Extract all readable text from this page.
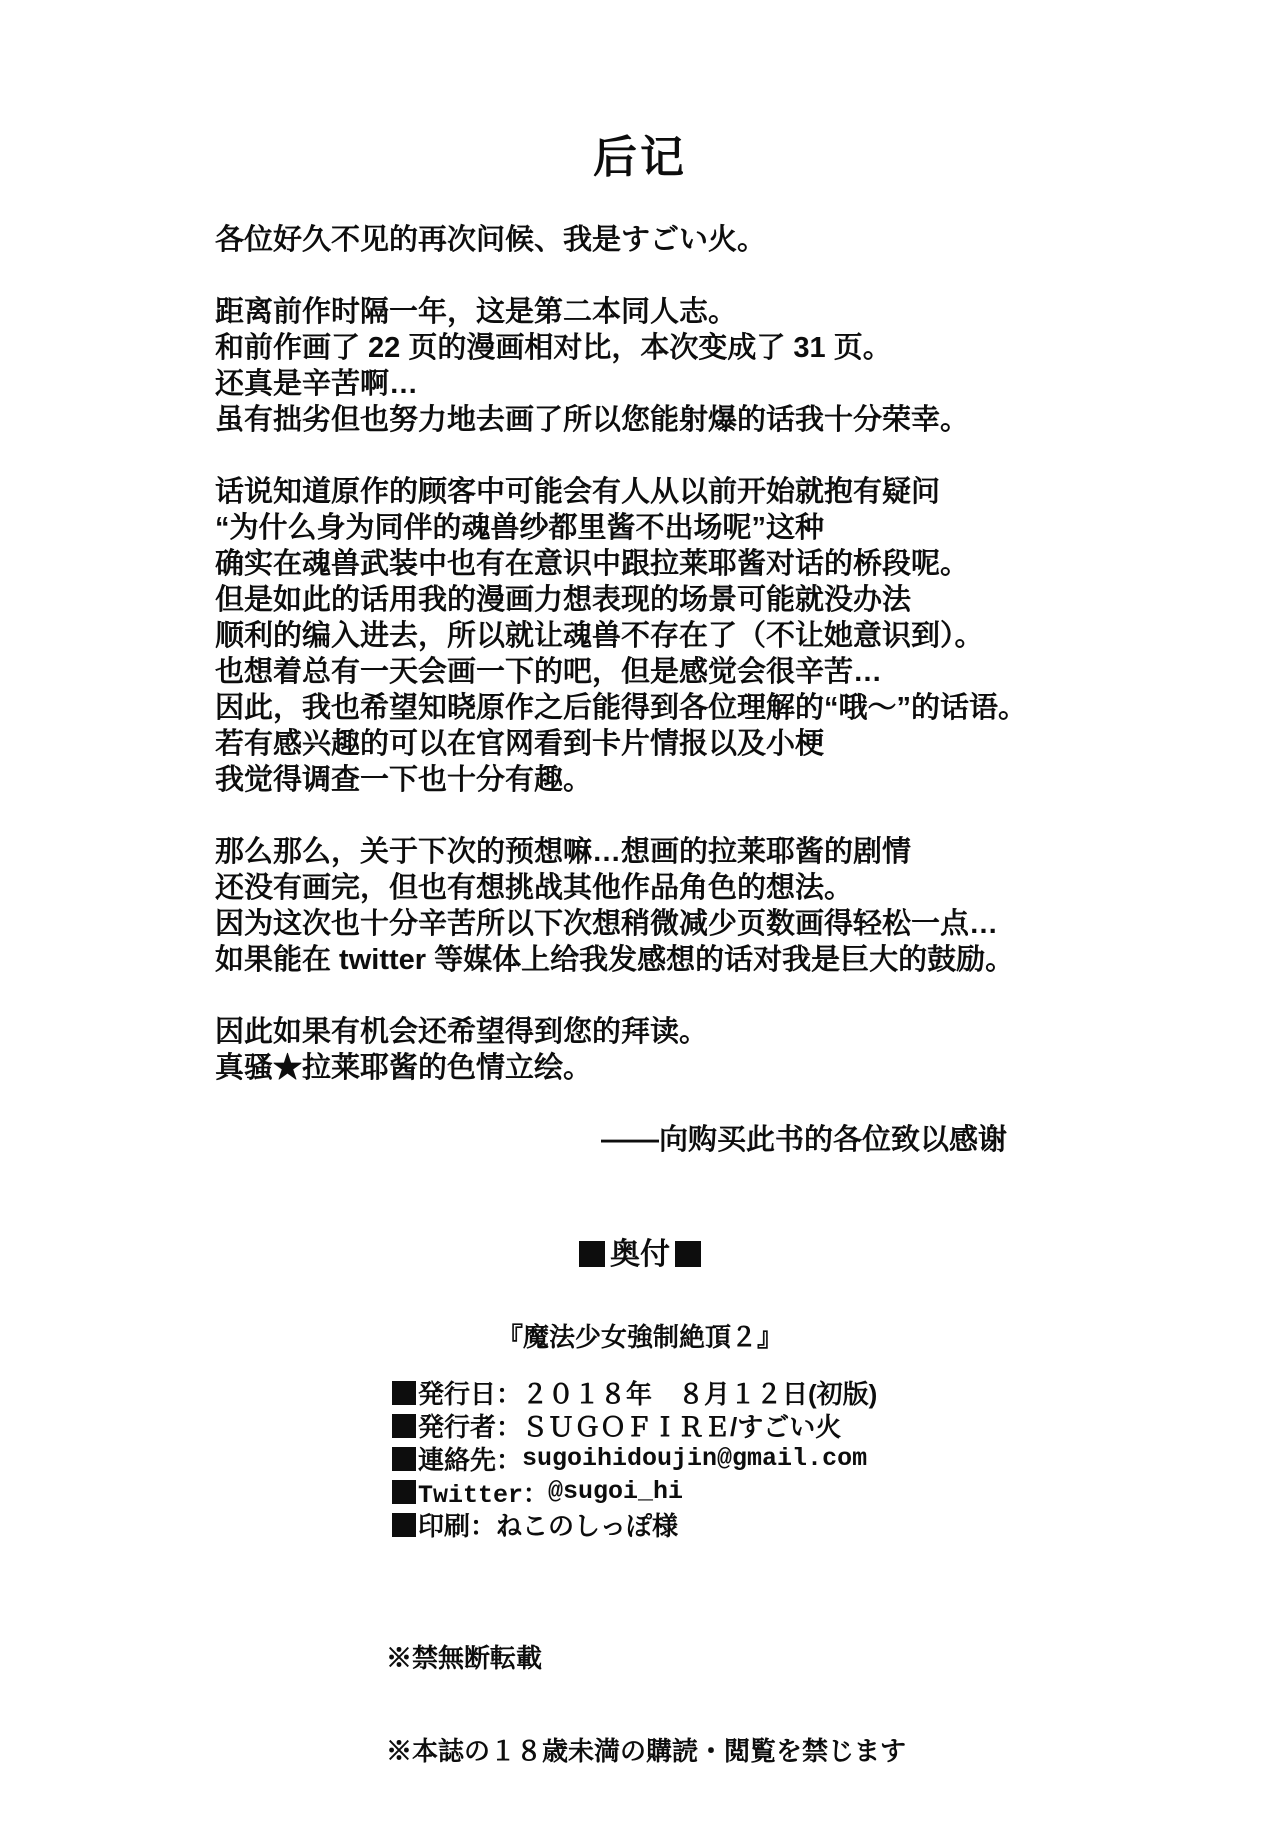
后记

各位好久不见的再次问候、我是すごい火。

距离前作时隔一年，这是第二本同人志。
和前作画了 22 页的漫画相对比，本次变成了 31 页。
还真是辛苦啊…
虽有拙劣但也努力地去画了所以您能射爆的话我十分荣幸。

话说知道原作的顾客中可能会有人从以前开始就抱有疑问
“为什么身为同伴的魂兽纱都里酱不出场呢”这种
确实在魂兽武装中也有在意识中跟拉莱耶酱对话的桥段呢。
但是如此的话用我的漫画力想表现的场景可能就没办法
顺利的编入进去，所以就让魂兽不存在了（不让她意识到）。
也想着总有一天会画一下的吧，但是感觉会很辛苦…
因此，我也希望知晓原作之后能得到各位理解的“哦～”的话语。
若有感兴趣的可以在官网看到卡片情报以及小梗
我觉得调查一下也十分有趣。

那么那么，关于下次的预想嘛…想画的拉莱耶酱的剧情
还没有画完，但也有想挑战其他作品角色的想法。
因为这次也十分辛苦所以下次想稍微减少页数画得轻松一点…
如果能在 twitter 等媒体上给我发感想的话对我是巨大的鼓励。

因此如果有机会还希望得到您的拜读。
真骚★拉莱耶酱的色情立绘。

——向购买此书的各位致以感谢
奥付
『魔法少女強制絶頂２』
発行日： ２０１８年　８月１２日(初版)
発行者： ＳＵＧＯＦＩＲＥ/すごい火
連絡先： sugoihidoujin@gmail.com
Twitter： @sugoi_hi
印刷： ねこのしっぽ様

※禁無断転載

※本誌の１８歳未満の購読・閲覧を禁じます
